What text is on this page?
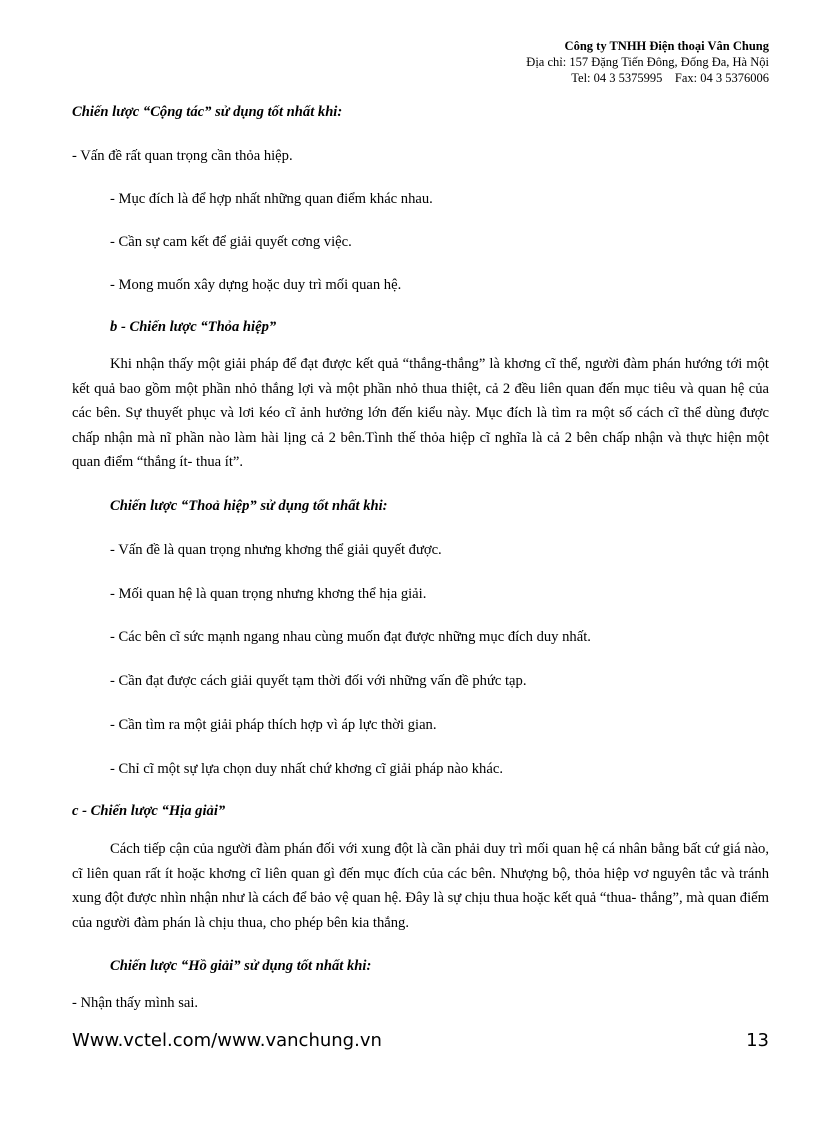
Công ty TNHH Điện thoại Vân Chung
Địa chỉ: 157 Đặng Tiến Đông, Đống Đa, Hà Nội
Tel: 04 3 5375995    Fax: 04 3 5376006
Chiến lược “Cộng tác” sử dụng tốt nhất khi:
- Vấn đề rất quan trọng cần thỏa hiệp.
- Mục đích là để hợp nhất những quan điểm khác nhau.
- Cần sự cam kết để giải quyết cơng việc.
- Mong muốn xây dựng hoặc duy trì mối quan hệ.
b - Chiến lược “Thỏa hiệp”
Khi nhận thấy một giải pháp để đạt được kết quả “thắng-thắng” là khơng cĩ thể, người đàm phán hướng tới một kết quả bao gồm một phần nhỏ thắng lợi và một phần nhỏ thua thiệt, cả 2 đều liên quan đến mục tiêu và quan hệ của các bên. Sự thuyết phục và lơi kéo cĩ ảnh hưởng lớn đến kiểu này. Mục đích là tìm ra một số cách cĩ thể dùng được chấp nhận mà nĩ phần nào làm hài lịng cả 2 bên.Tình thế thỏa hiệp cĩ nghĩa là cả 2 bên chấp nhận và thực hiện một quan điểm “thắng ít- thua ít”.
Chiến lược “Thoả hiệp” sử dụng tốt nhất khi:
- Vấn đề là quan trọng nhưng khơng thể giải quyết được.
- Mối quan hệ là quan trọng nhưng khơng thể hịa giải.
- Các bên cĩ sức mạnh ngang nhau cùng muốn đạt được những mục đích duy nhất.
- Cần đạt được cách giải quyết tạm thời đối với những vấn đề phức tạp.
- Cần tìm ra một giải pháp thích hợp vì áp lực thời gian.
- Chỉ cĩ một sự lựa chọn duy nhất chứ khơng cĩ giải pháp nào khác.
c - Chiến lược “Hịa giải”
Cách tiếp cận của người đàm phán đối với xung đột là cần phải duy trì mối quan hệ cá nhân bằng bất cứ giá nào, cĩ liên quan rất ít hoặc khơng cĩ liên quan gì đến mục đích của các bên. Nhượng bộ, thỏa hiệp vơ nguyên tắc và tránh xung đột được nhìn nhận như là cách để bảo vệ quan hệ. Đây là sự chịu thua hoặc kết quả “thua- thắng”, mà quan điểm của người đàm phán là chịu thua, cho phép bên kia thắng.
Chiến lược “Hồ giải” sử dụng tốt nhất khi:
- Nhận thấy mình sai.
Www.vctel.com/www.vanchung.vn	13
